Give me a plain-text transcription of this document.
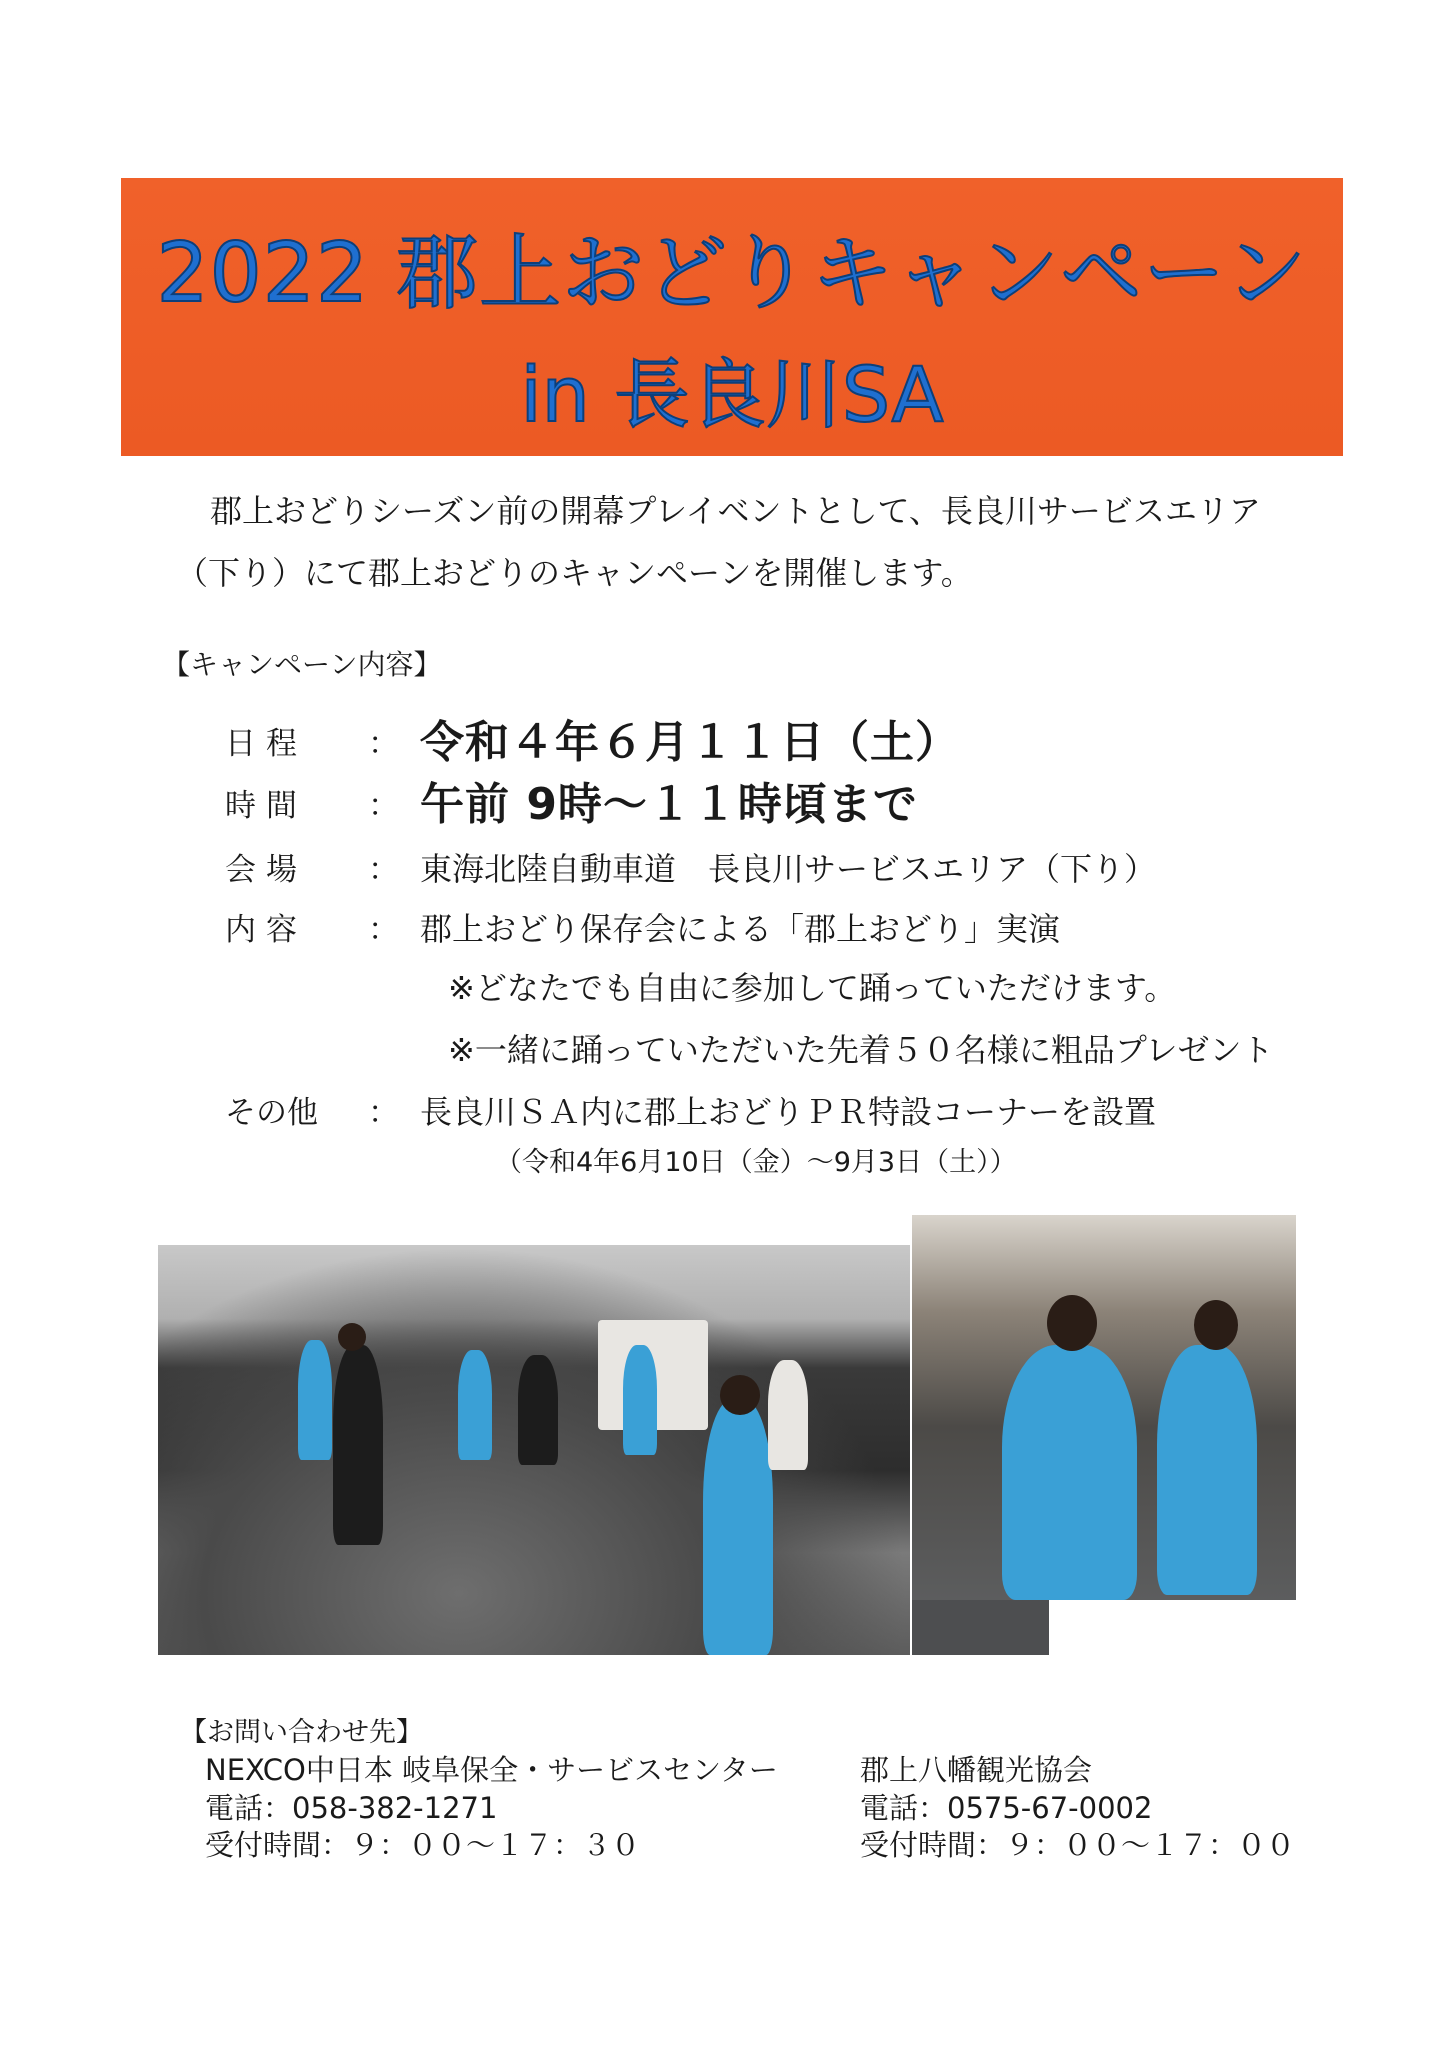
2022 郡上おどりキャンペーン
in 長良川SA

郡上おどりシーズン前の開幕プレイベントとして、長良川サービスエリア

（下り）にて郡上おどりのキャンペーンを開催します。

【キャンペーン内容】
日程 ： 令和４年６月１１日（土）
時間 ： 午前 9時～１１時頃まで
会場 ： 東海北陸自動車道　長良川サービスエリア（下り）
内容 ： 郡上おどり保存会による「郡上おどり」実演
※どなたでも自由に参加して踊っていただけます。
※一緒に踊っていただいた先着５０名様に粗品プレゼント
その他 ： 長良川ＳＡ内に郡上おどりＰＲ特設コーナーを設置
（令和4年6月10日（金）～9月3日（土））
【お問い合わせ先】
NEXCO中日本 岐阜保全・サービスセンター
電話：058-382-1271
受付時間：９：００～１７：３０
郡上八幡観光協会
電話：0575-67-0002
受付時間：９：００～１７：００
